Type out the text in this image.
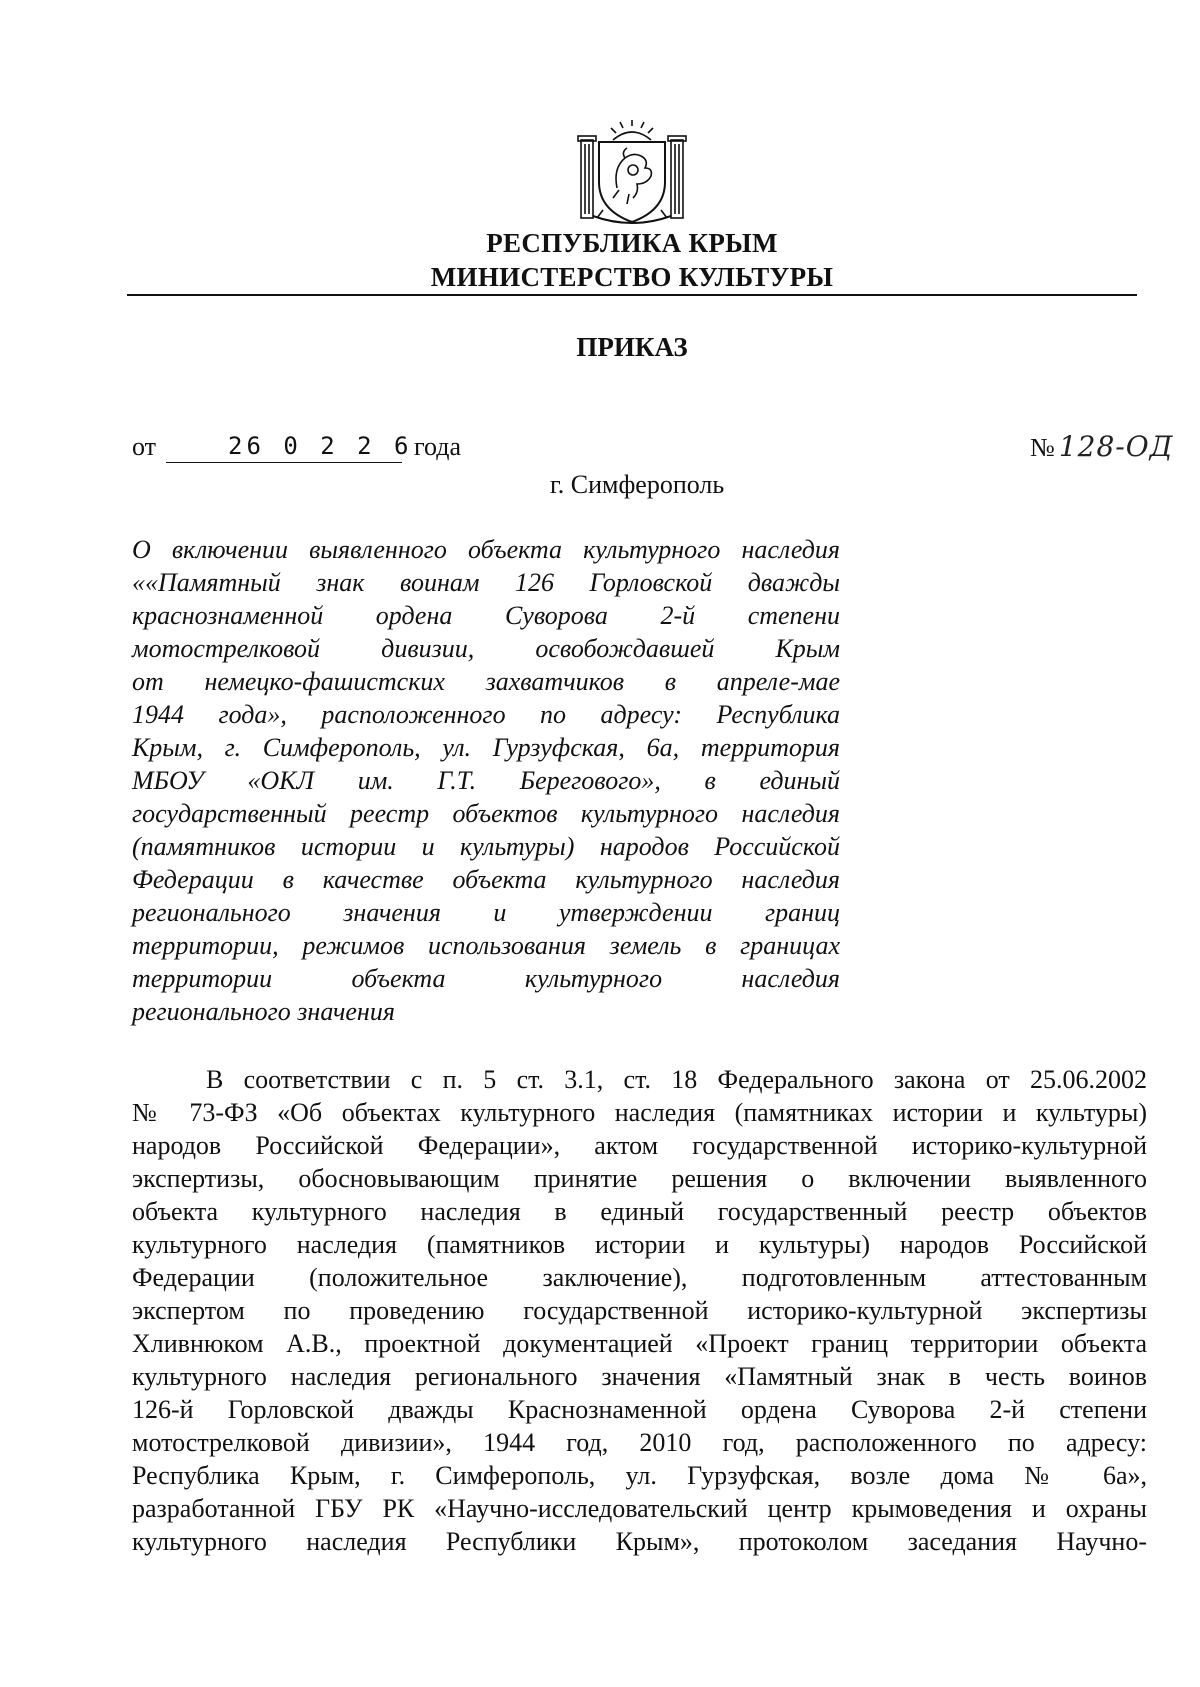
РЕСПУБЛИКА КРЫМ
МИНИСТЕРСТВО КУЛЬТУРЫ
ПРИКАЗ
от	26 0 2 2 6 года	№ 128-ОД
г. Симферополь
О включении выявленного объекта культурного наследия
««Памятный знак воинам 126 Горловской дважды
краснознаменной ордена Суворова 2-й степени
мотострелковой дивизии, освобождавшей Крым
от немецко-фашистских захватчиков в апреле-мае
1944 года», расположенного по адресу: Республика
Крым, г. Симферополь, ул. Гурзуфская, 6а, территория
МБОУ «ОКЛ им. Г.Т. Берегового», в единый
государственный реестр объектов культурного наследия
(памятников истории и культуры) народов Российской
Федерации в качестве объекта культурного наследия
регионального значения и утверждении границ
территории, режимов использования земель в границах
территории объекта культурного наследия
регионального значения
В соответствии с п. 5 ст. 3.1, ст. 18 Федерального закона от 25.06.2002
№ 73-ФЗ «Об объектах культурного наследия (памятниках истории и культуры)
народов Российской Федерации», актом государственной историко-культурной
экспертизы, обосновывающим принятие решения о включении выявленного
объекта культурного наследия в единый государственный реестр объектов
культурного наследия (памятников истории и культуры) народов Российской
Федерации (положительное заключение), подготовленным аттестованным
экспертом по проведению государственной историко-культурной экспертизы
Хливнюком А.В., проектной документацией «Проект границ территории объекта
культурного наследия регионального значения «Памятный знак в честь воинов
126-й Горловской дважды Краснознаменной ордена Суворова 2-й степени
мотострелковой дивизии», 1944 год, 2010 год, расположенного по адресу:
Республика Крым, г. Симферополь, ул. Гурзуфская, возле дома № 6а»,
разработанной ГБУ РК «Научно-исследовательский центр крымоведения и охраны
культурного наследия Республики Крым», протоколом заседания Научно-
